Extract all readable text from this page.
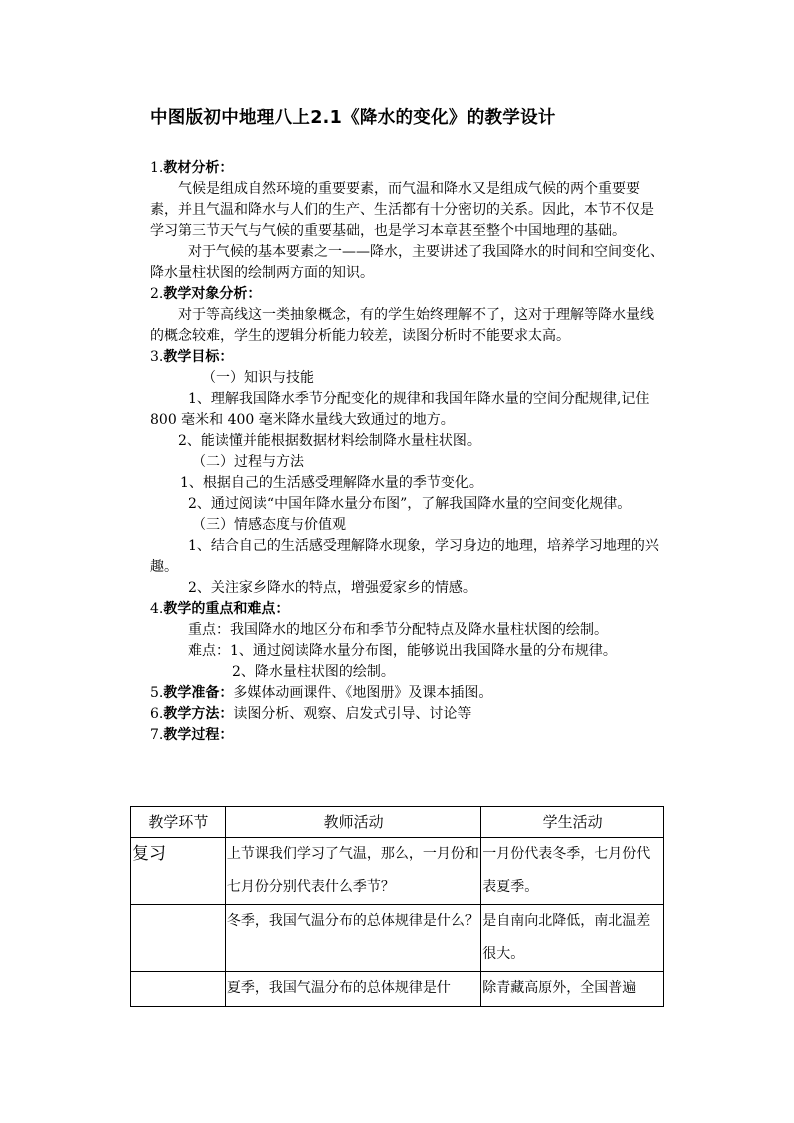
中图版初中地理八上2.1《降水的变化》的教学设计

1.教材分析：

气候是组成自然环境的重要要素，而气温和降水又是组成气候的两个重要要素，并且气温和降水与人们的生产、生活都有十分密切的关系。因此，本节不仅是学习第三节天气与气候的重要基础，也是学习本章甚至整个中国地理的基础。

对于气候的基本要素之一——降水，主要讲述了我国降水的时间和空间变化、降水量柱状图的绘制两方面的知识。

2.教学对象分析：

对于等高线这一类抽象概念，有的学生始终理解不了，这对于理解等降水量线的概念较难，学生的逻辑分析能力较差，读图分析时不能要求太高。

3.教学目标：

（一）知识与技能

1、理解我国降水季节分配变化的规律和我国年降水量的空间分配规律,记住 800 毫米和 400 毫米降水量线大致通过的地方。

2、能读懂并能根据数据材料绘制降水量柱状图。

（二）过程与方法

1、根据自己的生活感受理解降水量的季节变化。

2、通过阅读“中国年降水量分布图”，了解我国降水量的空间变化规律。

（三）情感态度与价值观

1、结合自己的生活感受理解降水现象，学习身边的地理，培养学习地理的兴趣。

2、关注家乡降水的特点，增强爱家乡的情感。

4.教学的重点和难点：

重点：我国降水的地区分布和季节分配特点及降水量柱状图的绘制。

难点：1、通过阅读降水量分布图，能够说出我国降水量的分布规律。

2、降水量柱状图的绘制。

5.教学准备：多媒体动画课件、《地图册》及课本插图。

6.教学方法：读图分析、观察、启发式引导、讨论等

7.教学过程：

教学环节	教师活动	学生活动
复习	上节课我们学习了气温，那么，一月份和七月份分别代表什么季节？	一月份代表冬季，七月份代表夏季。
	冬季，我国气温分布的总体规律是什么？	是自南向北降低，南北温差很大。
	夏季，我国气温分布的总体规律是什	除青藏高原外，全国普遍
